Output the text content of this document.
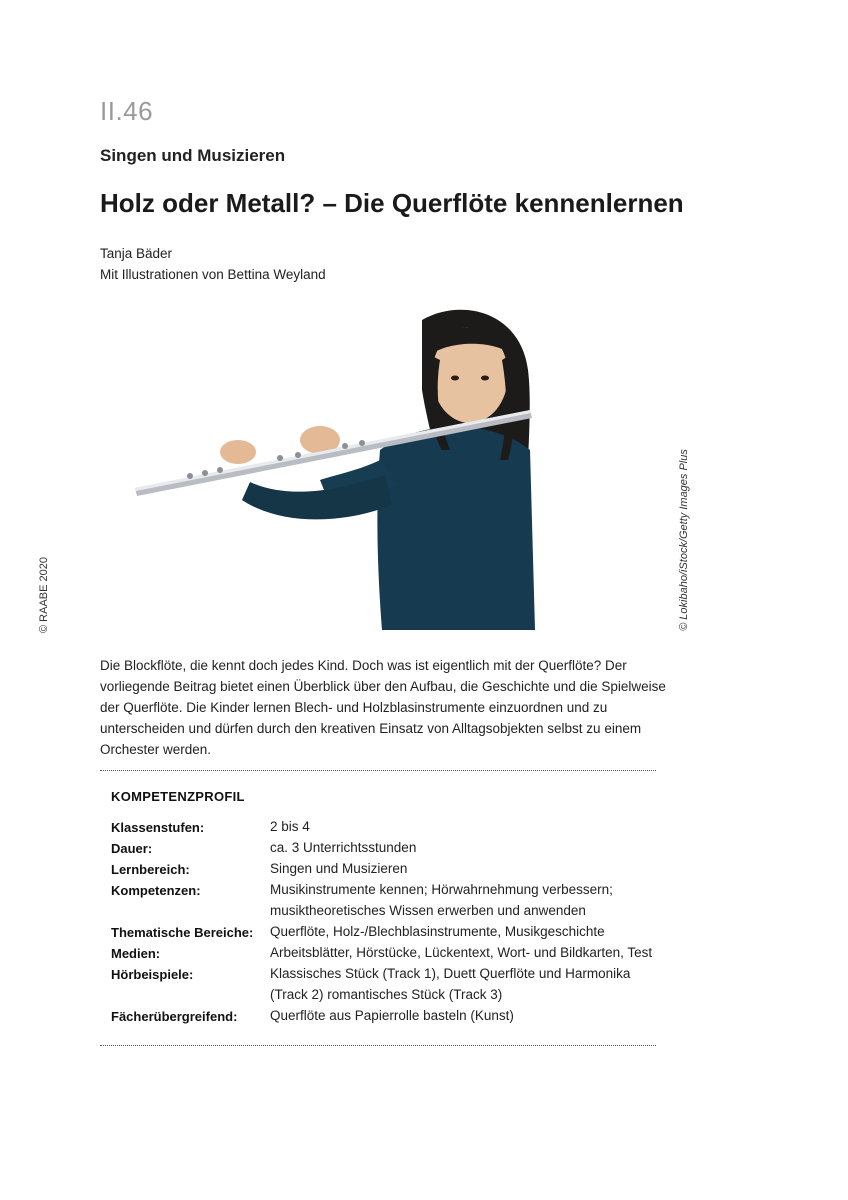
II.46
Singen und Musizieren
Holz oder Metall? – Die Querflöte kennenlernen
Tanja Bäder
Mit Illustrationen von Bettina Weyland
© RAABE 2020	© Lokibaho/iStock/Getty Images Plus
Die Blockflöte, die kennt doch jedes Kind. Doch was ist eigentlich mit der Querflöte? Der vorliegende Beitrag bietet einen Überblick über den Aufbau, die Geschichte und die Spielweise der Querflöte. Die Kinder lernen Blech- und Holzblasinstrumente einzuordnen und zu unterscheiden und dürfen durch den kreativen Einsatz von Alltagsobjekten selbst zu einem Orchester werden.
KOMPETENZPROFIL
Klassenstufen:	2 bis 4
Dauer:	ca. 3 Unterrichtsstunden
Lernbereich:	Singen und Musizieren
Kompetenzen:	Musikinstrumente kennen; Hörwahrnehmung verbessern;
musiktheoretisches Wissen erwerben und anwenden
Thematische Bereiche: Querflöte, Holz-/Blechblasinstrumente, Musikgeschichte
Medien:	Arbeitsblätter, Hörstücke, Lückentext, Wort- und Bildkarten, Test
Hörbeispiele:	Klassisches Stück (Track 1), Duett Querflöte und Harmonika
(Track 2) romantisches Stück (Track 3)
Fächerübergreifend: Querflöte aus Papierrolle basteln (Kunst)
